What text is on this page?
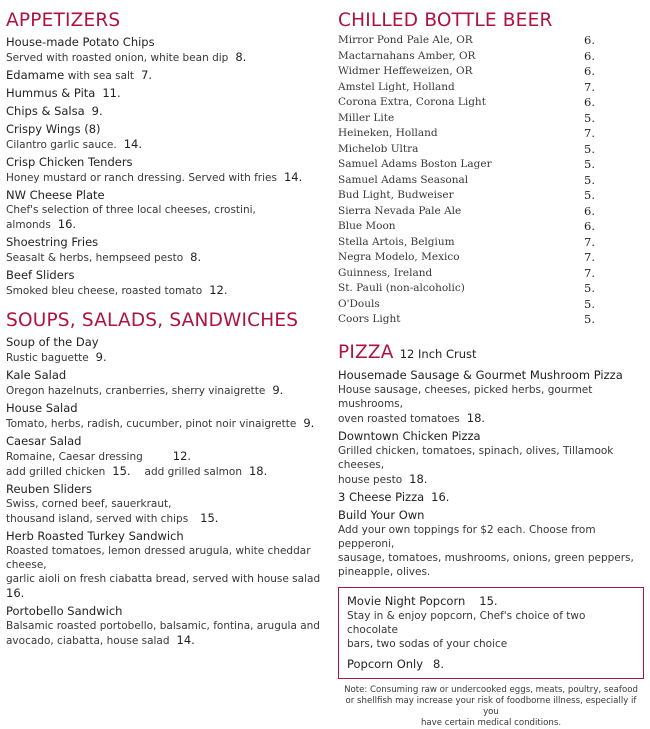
APPETIZERS
House-made Potato Chips
Served with roasted onion, white bean dip 8.
Edamame with sea salt 7.
Hummus & Pita 11.
Chips & Salsa 9.
Crispy Wings (8)
Cilantro garlic sauce. 14.
Crisp Chicken Tenders
Honey mustard or ranch dressing. Served with fries 14.
NW Cheese Plate
Chef's selection of three local cheeses, crostini, almonds 16.
Shoestring Fries
Seasalt & herbs, hempseed pesto 8.
Beef Sliders
Smoked bleu cheese, roasted tomato 12.
SOUPS, SALADS, SANDWICHES
Soup of the Day
Rustic baguette 9.
Kale Salad
Oregon hazelnuts, cranberries, sherry vinaigrette 9.
House Salad
Tomato, herbs, radish, cucumber, pinot noir vinaigrette 9.
Caesar Salad
Romaine, Caesar dressing	12.
add grilled chicken 15. add grilled salmon 18.
Reuben Sliders
Swiss, corned beef, sauerkraut,
thousand island, served with chips 15.
Herb Roasted Turkey Sandwich
Roasted tomatoes, lemon dressed arugula, white cheddar cheese,
garlic aioli on fresh ciabatta bread, served with house salad
16.
Portobello Sandwich
Balsamic roasted portobello, balsamic, fontina, arugula and
avocado, ciabatta, house salad 14.
CHILLED BOTTLE BEER
Mirror Pond Pale Ale, OR	6.
Mactarnahans Amber, OR	6.
Widmer Heffeweizen, OR	6.
Amstel Light, Holland	7.
Corona Extra, Corona Light	6.
Miller Lite	5.
Heineken, Holland	7.
Michelob Ultra	5.
Samuel Adams Boston Lager	5.
Samuel Adams Seasonal	5.
Bud Light, Budweiser	5.
Sierra Nevada Pale Ale	6.
Blue Moon	6.
Stella Artois, Belgium	7.
Negra Modelo, Mexico	7.
Guinness, Ireland	7.
St. Pauli (non-alcoholic)	5.
O'Douls	5.
Coors Light	5.
PIZZA 12 Inch Crust
Housemade Sausage & Gourmet Mushroom Pizza
House sausage, cheeses, picked herbs, gourmet mushrooms,
oven roasted tomatoes 18.
Downtown Chicken Pizza
Grilled chicken, tomatoes, spinach, olives, Tillamook cheeses,
house pesto 18.
3 Cheese Pizza 16.
Build Your Own
Add your own toppings for $2 each. Choose from pepperoni,
sausage, tomatoes, mushrooms, onions, green peppers,
pineapple, olives.
Movie Night Popcorn 15.
Stay in & enjoy popcorn, Chef's choice of two chocolate
bars, two sodas of your choice
Popcorn Only 8.
Note: Consuming raw or undercooked eggs, meats, poultry, seafood
or shellfish may increase your risk of foodborne illness, especially if you
have certain medical conditions.
